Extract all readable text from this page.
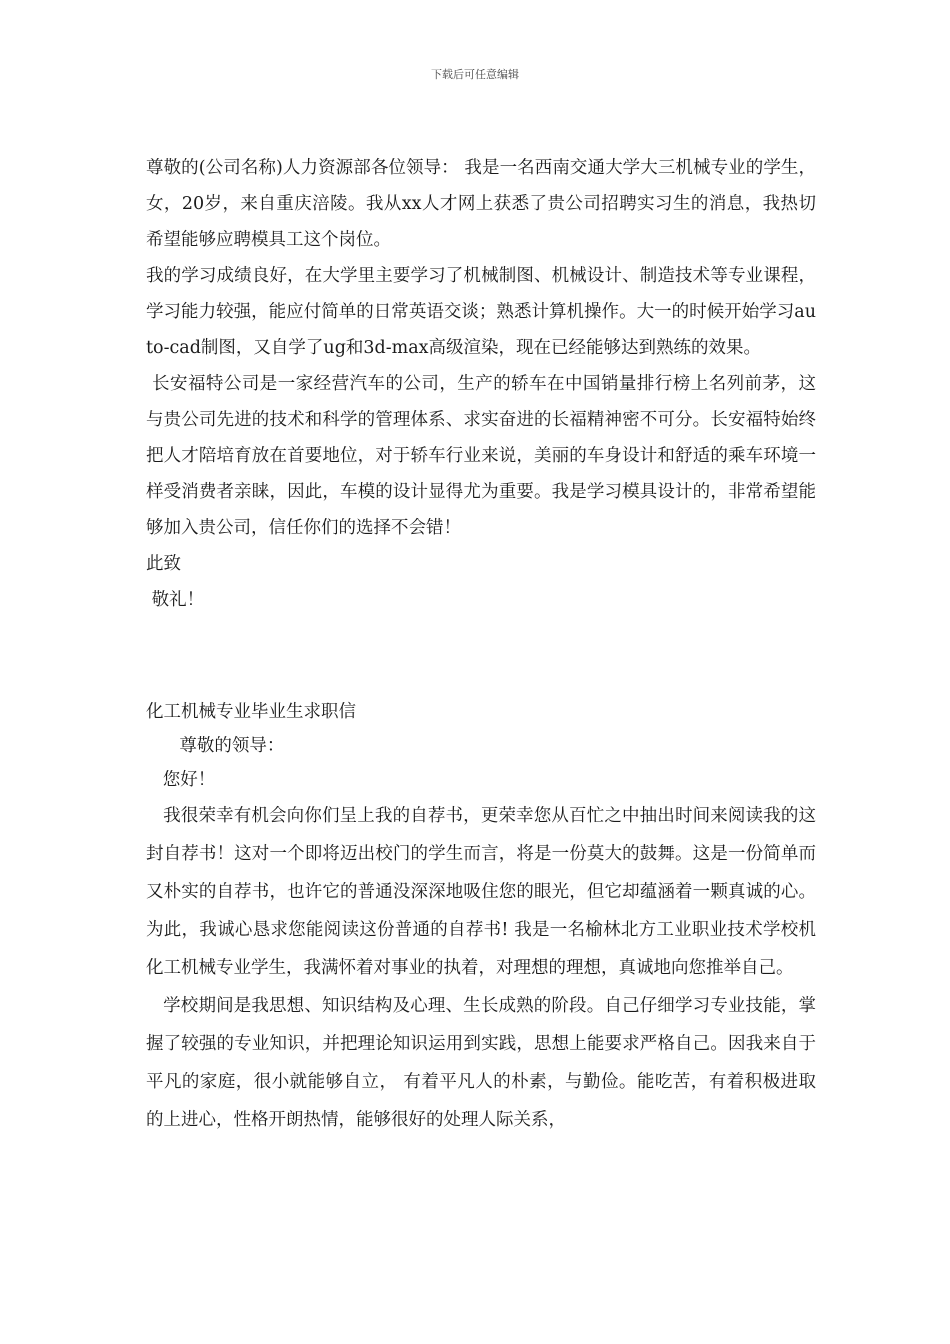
下载后可任意编辑

尊敬的(公司名称)人力资源部各位领导： 我是一名西南交通大学大三机械专业的学生，女，20岁，来自重庆涪陵。我从xx人才网上获悉了贵公司招聘实习生的消息，我热切希望能够应聘模具工这个岗位。

我的学习成绩良好，在大学里主要学习了机械制图、机械设计、制造技术等专业课程，学习能力较强，能应付简单的日常英语交谈；熟悉计算机操作。大一的时候开始学习auto-cad制图，又自学了ug和3d-max高级渲染，现在已经能够达到熟练的效果。

长安福特公司是一家经营汽车的公司，生产的轿车在中国销量排行榜上名列前茅，这与贵公司先进的技术和科学的管理体系、求实奋进的长福精神密不可分。长安福特始终把人才陪培育放在首要地位，对于轿车行业来说，美丽的车身设计和舒适的乘车环境一样受消费者亲睐，因此，车模的设计显得尤为重要。我是学习模具设计的，非常希望能够加入贵公司，信任你们的选择不会错！

此致

敬礼！

化工机械专业毕业生求职信

尊敬的领导：

您好！

我很荣幸有机会向你们呈上我的自荐书，更荣幸您从百忙之中抽出时间来阅读我的这封自荐书！这对一个即将迈出校门的学生而言，将是一份莫大的鼓舞。这是一份简单而又朴实的自荐书，也许它的普通没深深地吸住您的眼光，但它却蕴涵着一颗真诚的心。为此，我诚心恳求您能阅读这份普通的自荐书! 我是一名榆林北方工业职业技术学校机化工机械专业学生，我满怀着对事业的执着，对理想的理想，真诚地向您推举自己。

学校期间是我思想、知识结构及心理、生长成熟的阶段。自己仔细学习专业技能，掌握了较强的专业知识，并把理论知识运用到实践，思想上能要求严格自己。因我来自于平凡的家庭，很小就能够自立， 有着平凡人的朴素，与勤俭。能吃苦，有着积极进取的上进心，性格开朗热情，能够很好的处理人际关系，
